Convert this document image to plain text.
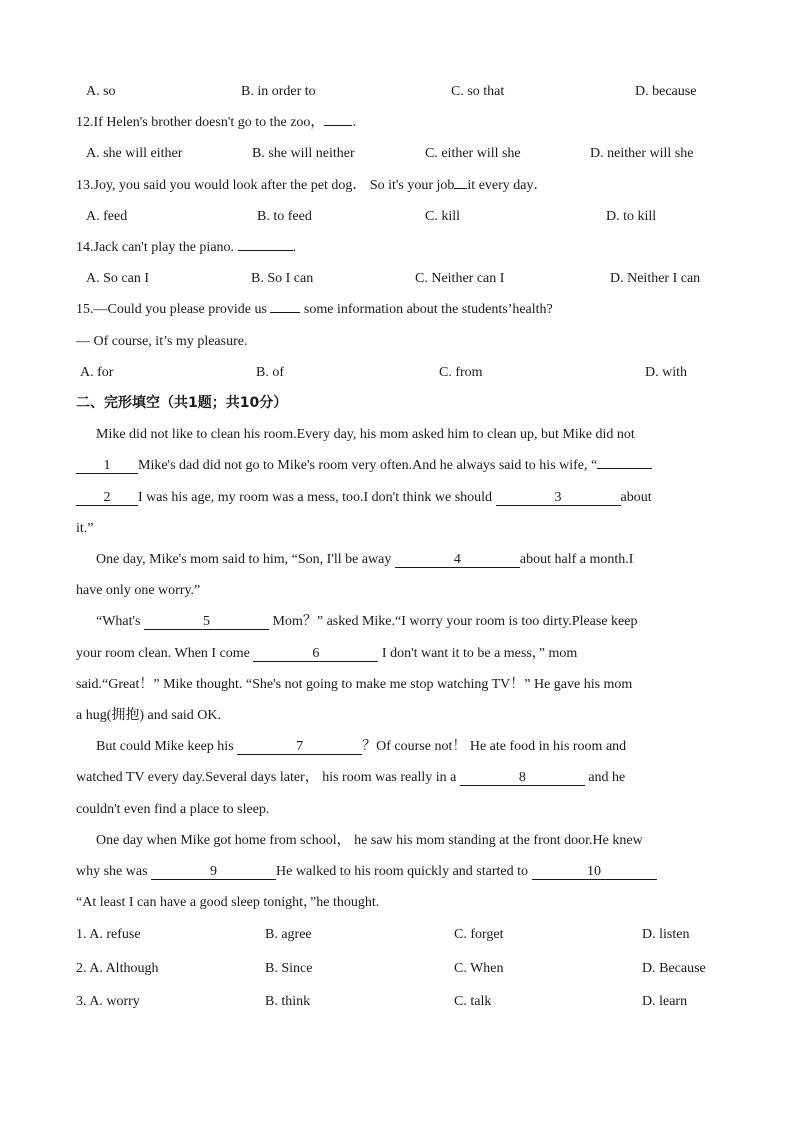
A. so	B. in order to	C. so that	D. because
12.If Helen's brother doesn't go to the zoo， .
A. she will either	B. she will neither	C. either will she	D. neither will she
13.Joy, you said you would look after the pet dog． So it's your job it every day．
A. feed	B. to feed	C. kill	D. to kill
14.Jack can't play the piano.	.
A. So can I	B. So I can	C. Neither can I	D. Neither I can
15.—Could you please provide us	some information about the students’health?
— Of course, it’s my pleasure.
A. for	B. of	C. from	D. with
二、完形填空（共1题；共10分）
Mike did not like to clean his room.Every day, his mom asked him to clean up, but Mike did not
1 Mike's dad did not go to Mike's room very often.And he always said to his wife, “
2 I was his age, my room was a mess, too.I don't think we should	3	about
it.”
One day, Mike's mom said to him, “Son, I'll be away	4	about half a month.I
have only one worry.”
“What's	5	Mom？” asked Mike.“I worry your room is too dirty.Please keep
your room clean. When I come	6	I don't want it to be a mess，” mom
said.“Great！” Mike thought. “She's not going to make me stop watching TV！” He gave his mom
a hug(拥抱) and said OK.
But could Mike keep his	7	？Of course not！ He ate food in his room and
watched TV every day.Several days later， his room was really in a	8	and he
couldn't even find a place to sleep.
One day when Mike got home from school， he saw his mom standing at the front door.He knew
why she was	9	He walked to his room quickly and started to	10
“At least I can have a good sleep tonight，”he thought.
1. A. refuse	B. agree	C. forget	D. listen
2. A. Although	B. Since	C. When	D. Because
3. A. worry	B. think	C. talk	D. learn
